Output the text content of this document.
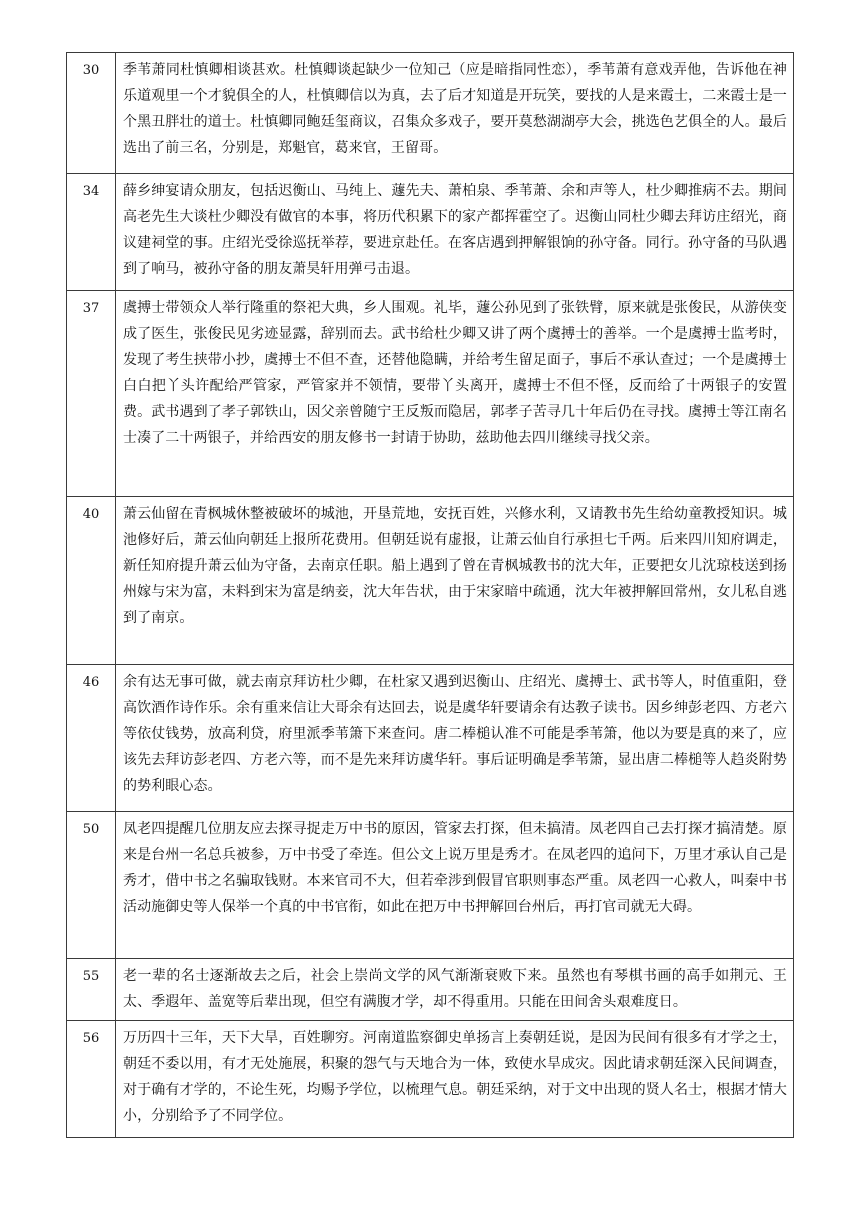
30	季苇萧同杜慎卿相谈甚欢。杜慎卿谈起缺少一位知己（应是暗指同性恋），季苇萧有意戏弄他，告诉他在神乐道观里一个才貌俱全的人，杜慎卿信以为真，去了后才知道是开玩笑，要找的人是来霞士，二来霞士是一个黑丑胖壮的道士。杜慎卿同鲍廷玺商议，召集众多戏子，要开莫愁湖湖亭大会，挑选色艺俱全的人。最后选出了前三名，分别是，郑魁官，葛来官，王留哥。
34	薛乡绅宴请众朋友，包括迟衡山、马纯上、蘧先夫、萧柏泉、季苇萧、余和声等人，杜少卿推病不去。期间高老先生大谈杜少卿没有做官的本事，将历代积累下的家产都挥霍空了。迟衡山同杜少卿去拜访庄绍光，商议建祠堂的事。庄绍光受徐巡抚举荐，要进京赴任。在客店遇到押解银饷的孙守备。同行。孙守备的马队遇到了响马，被孙守备的朋友萧昊轩用弹弓击退。
37	虞搏士带领众人举行隆重的祭祀大典，乡人围观。礼毕，蘧公孙见到了张铁臂，原来就是张俊民，从游侠变成了医生，张俊民见劣迹显露，辞别而去。武书给杜少卿又讲了两个虞搏士的善举。一个是虞搏士监考时，发现了考生挟带小抄，虞搏士不但不查，还替他隐瞒，并给考生留足面子，事后不承认查过；一个是虞搏士白白把丫头许配给严管家，严管家并不领情，要带丫头离开，虞搏士不但不怪，反而给了十两银子的安置费。武书遇到了孝子郭铁山，因父亲曾随宁王反叛而隐居，郭孝子苦寻几十年后仍在寻找。虞搏士等江南名士凑了二十两银子，并给西安的朋友修书一封请于协助，兹助他去四川继续寻找父亲。
40	萧云仙留在青枫城休整被破坏的城池，开垦荒地，安抚百姓，兴修水利，又请教书先生给幼童教授知识。城池修好后，萧云仙向朝廷上报所花费用。但朝廷说有虚报，让萧云仙自行承担七千两。后来四川知府调走，新任知府提升萧云仙为守备，去南京任职。船上遇到了曾在青枫城教书的沈大年，正要把女儿沈琼枝送到扬州嫁与宋为富，未料到宋为富是纳妾，沈大年告状，由于宋家暗中疏通，沈大年被押解回常州，女儿私自逃到了南京。
46	余有达无事可做，就去南京拜访杜少卿，在杜家又遇到迟衡山、庄绍光、虞搏士、武书等人，时值重阳，登高饮酒作诗作乐。余有重来信让大哥余有达回去，说是虞华轩要请余有达教子读书。因乡绅彭老四、方老六等依仗钱势，放高利贷，府里派季苇箫下来查问。唐二棒槌认准不可能是季苇箫，他以为要是真的来了，应该先去拜访彭老四、方老六等，而不是先来拜访虞华轩。事后证明确是季苇箫，显出唐二棒槌等人趋炎附势的势利眼心态。
50	凤老四提醒几位朋友应去探寻捉走万中书的原因，管家去打探，但未搞清。凤老四自己去打探才搞清楚。原来是台州一名总兵被参，万中书受了牵连。但公文上说万里是秀才。在凤老四的追问下，万里才承认自己是秀才，借中书之名骗取钱财。本来官司不大，但若牵涉到假冒官职则事态严重。凤老四一心救人，叫秦中书活动施御史等人保举一个真的中书官衔，如此在把万中书押解回台州后，再打官司就无大碍。
55	老一辈的名士逐渐故去之后，社会上崇尚文学的风气渐渐衰败下来。虽然也有琴棋书画的高手如荆元、王太、季遐年、盖宽等后辈出现，但空有满腹才学，却不得重用。只能在田间舍头艰难度日。
56	万历四十三年，天下大旱，百姓聊穷。河南道监察御史单扬言上奏朝廷说，是因为民间有很多有才学之士，朝廷不委以用，有才无处施展，积聚的怨气与天地合为一体，致使水旱成灾。因此请求朝廷深入民间调查，对于确有才学的，不论生死，均赐予学位，以梳理气息。朝廷采纳，对于文中出现的贤人名士，根据才情大小，分别给予了不同学位。
